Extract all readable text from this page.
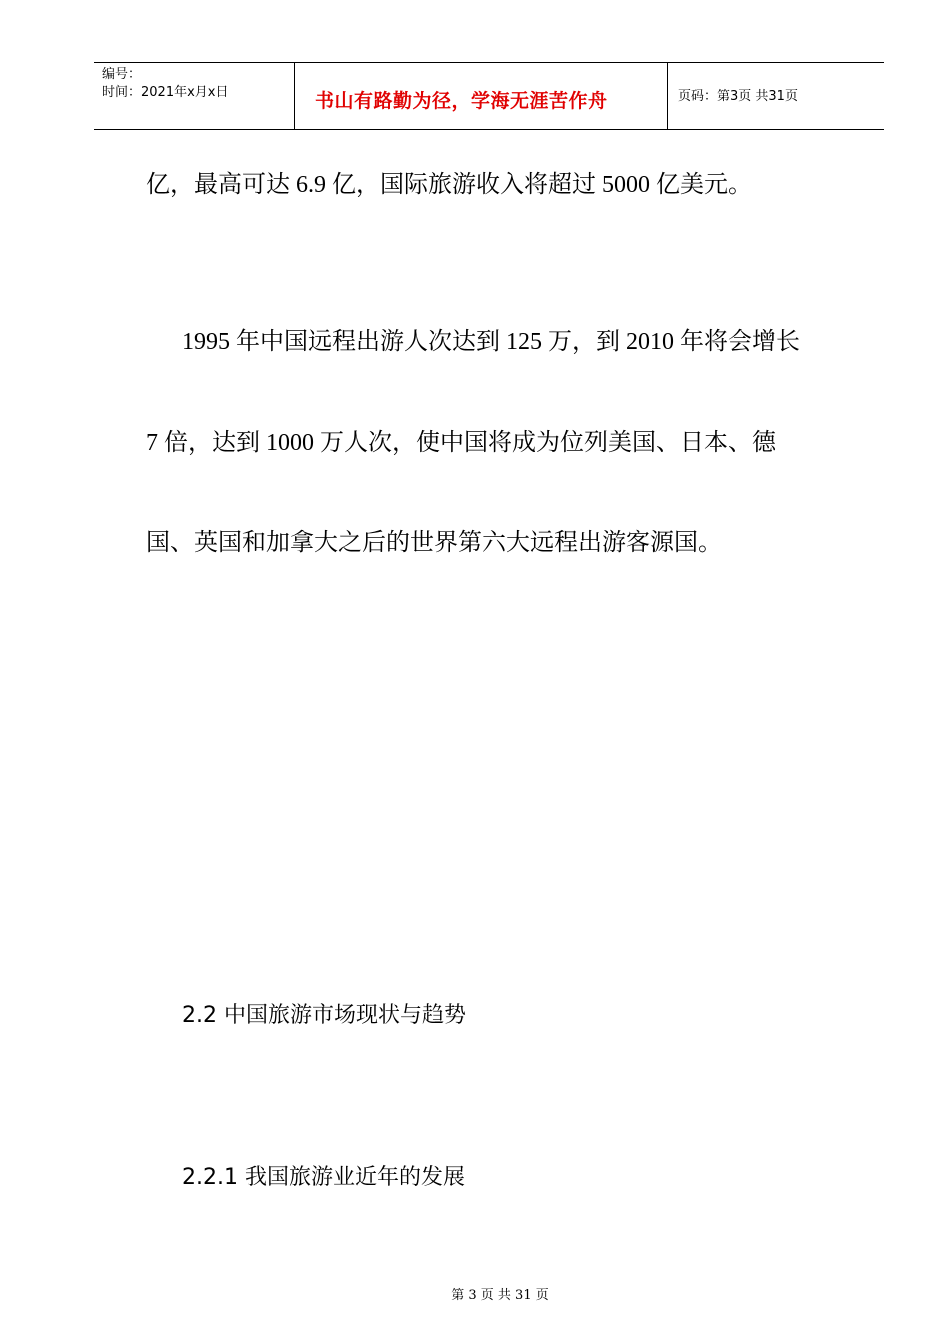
编号：
时间：2021年x月x日	书山有路勤为径，学海无涯苦作舟	页码：第3页 共31页
亿，最高可达 6.9 亿，国际旅游收入将超过 5000 亿美元。
1995 年中国远程出游人次达到 125 万，到 2010 年将会增长
7 倍，达到 1000 万人次，使中国将成为位列美国、日本、德
国、英国和加拿大之后的世界第六大远程出游客源国。
2.2 中国旅游市场现状与趋势
2.2.1 我国旅游业近年的发展
第 3 页 共 31 页
